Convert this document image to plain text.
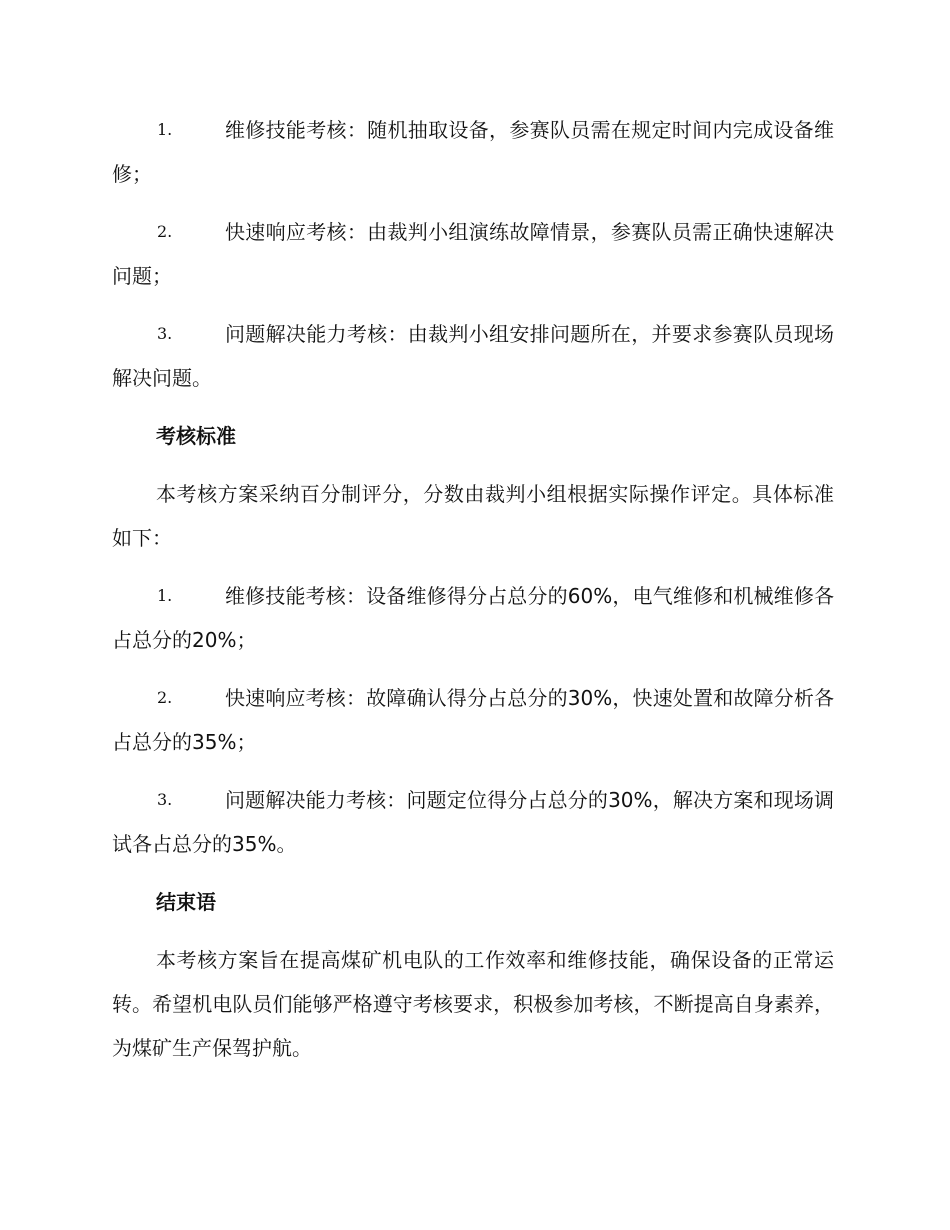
1.	维修技能考核：随机抽取设备，参赛队员需在规定时间内完成设备维修；
2.	快速响应考核：由裁判小组演练故障情景，参赛队员需正确快速解决问题；
3.	问题解决能力考核：由裁判小组安排问题所在，并要求参赛队员现场解决问题。
考核标准
本考核方案采纳百分制评分，分数由裁判小组根据实际操作评定。具体标准如下：
1.	维修技能考核：设备维修得分占总分的60%，电气维修和机械维修各占总分的20%；
2.	快速响应考核：故障确认得分占总分的30%，快速处置和故障分析各占总分的35%；
3.	问题解决能力考核：问题定位得分占总分的30%，解决方案和现场调试各占总分的35%。
结束语
本考核方案旨在提高煤矿机电队的工作效率和维修技能，确保设备的正常运转。希望机电队员们能够严格遵守考核要求，积极参加考核，不断提高自身素养，为煤矿生产保驾护航。
